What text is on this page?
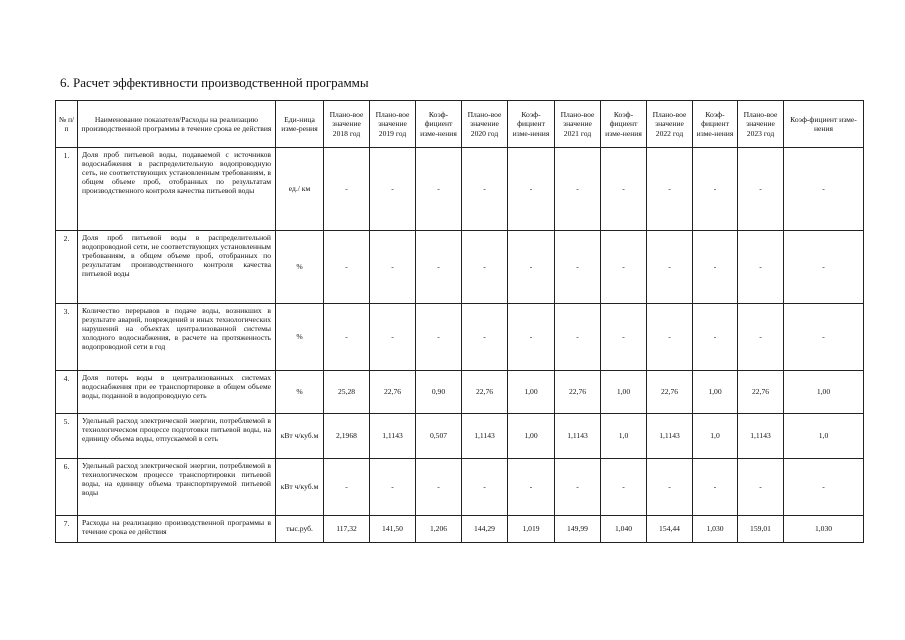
6. Расчет эффективности производственной программы
№ п/п	Наименование показателя/Расходы на реализацию производственной программы в течение срока ее действия	Еди-ница изме-рения	Плано-вое значение 2018 год	Плано-вое значение 2019 год	Коэф-фициент изме-нения	Плано-вое значение 2020 год	Коэф-фициент изме-нения	Плано-вое значение 2021 год	Коэф-фициент изме-нения	Плано-вое значение 2022 год	Коэф-фициент изме-нения	Плано-вое значение 2023 год	Коэф-фициент изме-нения
1.	Доля проб питьевой воды, подаваемой с источников водоснабжения в распределительную водопроводную сеть, не соответствующих установленным требованиям, в общем объеме проб, отобранных по результатам производственного контроля качества питьевой воды	ед./ км	-	-	-	-	-	-	-	-	-	-	-
2.	Доля проб питьевой воды в распределительной водопроводной сети, не соответствующих установленным требованиям, в общем объеме проб, отобранных по результатам производственного контроля качества питьевой воды	%	-	-	-	-	-	-	-	-	-	-	-
3.	Количество перерывов в подаче воды, возникших в результате аварий, повреждений и иных технологических нарушений на объектах централизованной системы холодного водоснабжения, в расчете на протяженность водопроводной сети в год	%	-	-	-	-	-	-	-	-	-	-	-
4.	Доля потерь воды в централизованных системах водоснабжения при ее транспортировке в общем объеме воды, поданной в водопроводную сеть	%	25,28	22,76	0,90	22,76	1,00	22,76	1,00	22,76	1,00	22,76	1,00
5.	Удельный расход электрической энергии, потребляемой в технологическом процессе подготовки питьевой воды, на единицу объема воды, отпускаемой в сеть	кВт ч/куб.м	2,1968	1,1143	0,507	1,1143	1,00	1,1143	1,0	1,1143	1,0	1,1143	1,0
6.	Удельный расход электрической энергии, потребляемой в технологическом процессе транспортировки питьевой воды, на единицу объема транспортируемой питьевой воды	кВт ч/куб.м	-	-	-	-	-	-	-	-	-	-	-
7.	Расходы на реализацию производственной программы в течение срока ее действия	тыс.руб.	117,32	141,50	1,206	144,29	1,019	149,99	1,040	154,44	1,030	159,01	1,030
